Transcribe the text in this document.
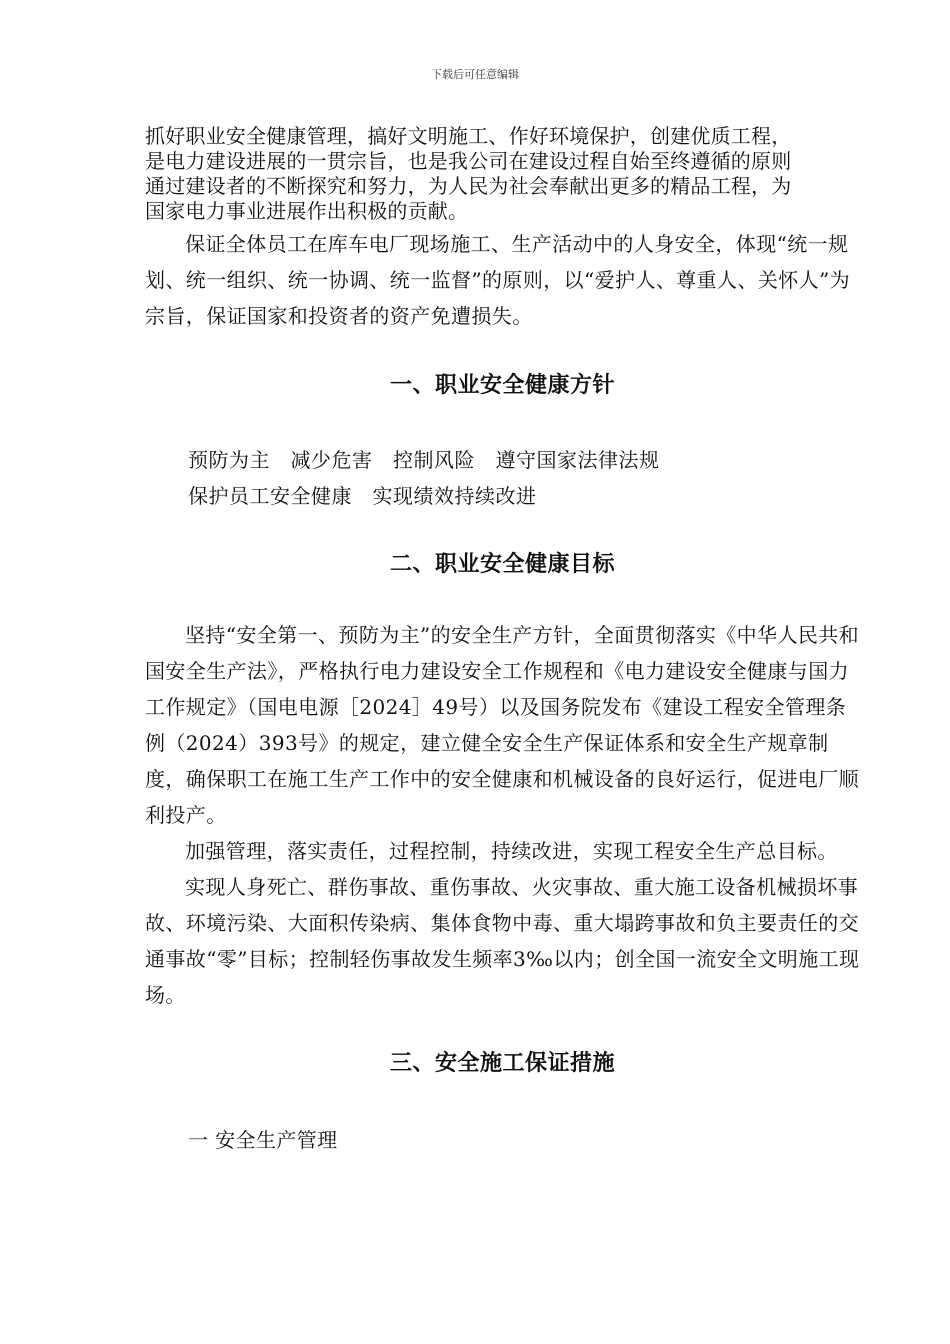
下载后可任意编辑

抓好职业安全健康管理，搞好文明施工、作好环境保护，创建优质工程，

是电力建设进展的一贯宗旨，也是我公司在建设过程自始至终遵循的原则

通过建设者的不断探究和努力，为人民为社会奉献出更多的精品工程，为

国家电力事业进展作出积极的贡献。

保证全体员工在库车电厂现场施工、生产活动中的人身安全，体现“统一规划、统一组织、统一协调、统一监督”的原则，以“爱护人、尊重人、关怀人”为宗旨，保证国家和投资者的资产免遭损失。

一、职业安全健康方针

预防为主　减少危害　控制风险　遵守国家法律法规

保护员工安全健康　实现绩效持续改进

二、职业安全健康目标

坚持“安全第一、预防为主”的安全生产方针，全面贯彻落实《中华人民共和国安全生产法》，严格执行电力建设安全工作规程和《电力建设安全健康与国力工作规定》（国电电源［2024］49号）以及国务院发布《建设工程安全管理条例（2024）393号》的规定，建立健全安全生产保证体系和安全生产规章制度，确保职工在施工生产工作中的安全健康和机械设备的良好运行，促进电厂顺利投产。

加强管理，落实责任，过程控制，持续改进，实现工程安全生产总目标。

实现人身死亡、群伤事故、重伤事故、火灾事故、重大施工设备机械损坏事故、环境污染、大面积传染病、集体食物中毒、重大塌跨事故和负主要责任的交通事故“零”目标；控制轻伤事故发生频率3‰以内；创全国一流安全文明施工现场。

三、安全施工保证措施

一 安全生产管理
